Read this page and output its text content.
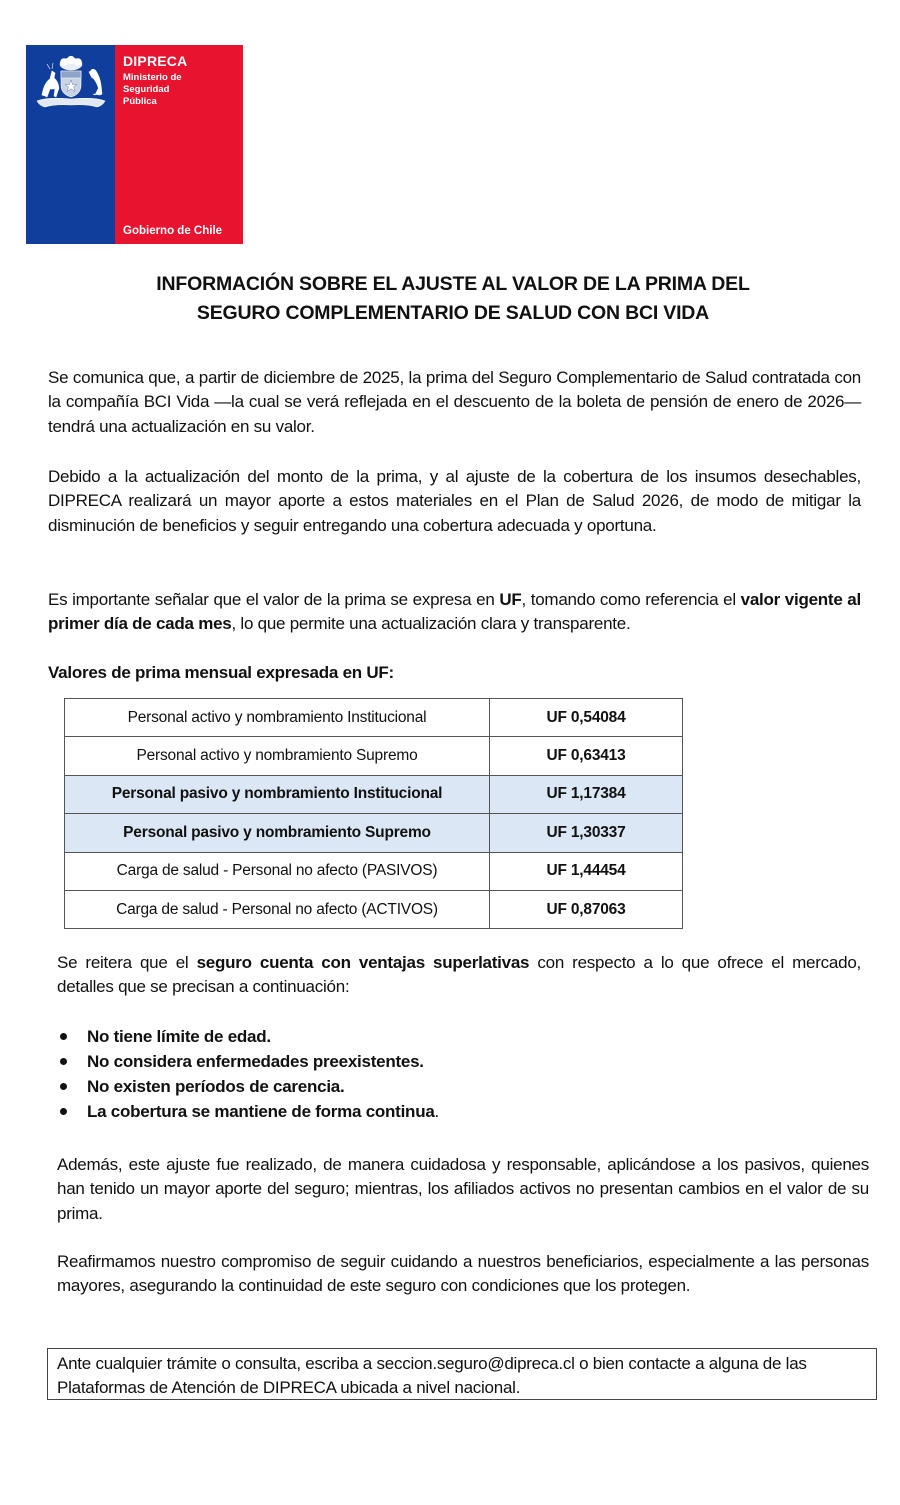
DIPRECA
Ministerio de
Seguridad
Pública
Gobierno de Chile
INFORMACIÓN SOBRE EL AJUSTE AL VALOR DE LA PRIMA DEL
SEGURO COMPLEMENTARIO DE SALUD CON BCI VIDA
Se comunica que, a partir de diciembre de 2025, la prima del Seguro Complementario de Salud contratada con la compañía BCI Vida —la cual se verá reflejada en el descuento de la boleta de pensión de enero de 2026— tendrá una actualización en su valor.
Debido a la actualización del monto de la prima, y al ajuste de la cobertura de los insumos desechables, DIPRECA realizará un mayor aporte a estos materiales en el Plan de Salud 2026, de modo de mitigar la disminución de beneficios y seguir entregando una cobertura adecuada y oportuna.
Es importante señalar que el valor de la prima se expresa en UF, tomando como referencia el valor vigente al primer día de cada mes, lo que permite una actualización clara y transparente.
Valores de prima mensual expresada en UF:
Personal activo y nombramiento Institucional	UF 0,54084
Personal activo y nombramiento Supremo	UF 0,63413
Personal pasivo y nombramiento Institucional	UF 1,17384
Personal pasivo y nombramiento Supremo	UF 1,30337
Carga de salud - Personal no afecto (PASIVOS)	UF 1,44454
Carga de salud - Personal no afecto (ACTIVOS)	UF 0,87063
Se reitera que el seguro cuenta con ventajas superlativas con respecto a lo que ofrece el mercado, detalles que se precisan a continuación:
No tiene límite de edad.
No considera enfermedades preexistentes.
No existen períodos de carencia.
La cobertura se mantiene de forma continua.
Además, este ajuste fue realizado, de manera cuidadosa y responsable, aplicándose a los pasivos, quienes han tenido un mayor aporte del seguro; mientras, los afiliados activos no presentan cambios en el valor de su prima.
Reafirmamos nuestro compromiso de seguir cuidando a nuestros beneficiarios, especialmente a las personas mayores, asegurando la continuidad de este seguro con condiciones que los protegen.
Ante cualquier trámite o consulta, escriba a seccion.seguro@dipreca.cl o bien contacte a alguna de las Plataformas de Atención de DIPRECA ubicada a nivel nacional.
